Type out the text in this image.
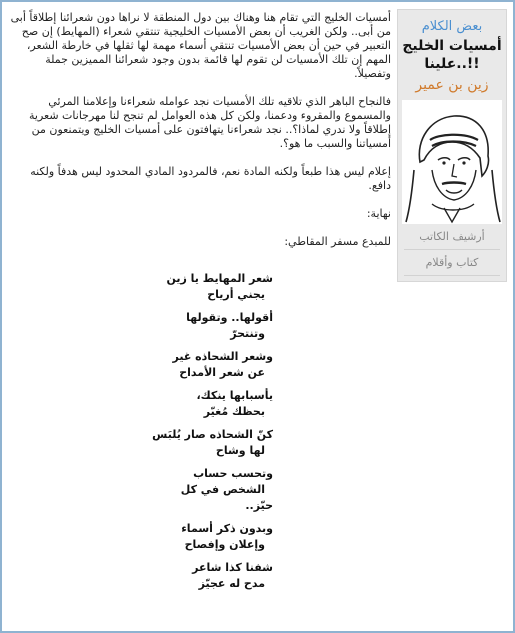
بعض الكلام
أمسيات الخليج
علينا..!!
زين بن عمير
أرشيف الكاتب
كتاب وأقلام

أمسيات الخليج التي تقام هنا وهناك بين دول المنطقة لا نراها دون شعرائنا إطلاقاً أبى من أبى.. ولكن الغريب أن بعض الأمسيات الخليجية تنتقي شعراء (المهايط) إن صح التعبير في حين أن بعض الأمسيات تنتقي أسماء مهمة لها ثقلها في خارطة الشعر، المهم إن تلك الأمسيات لن تقوم لها قائمة بدون وجود شعرائنا المميزين جملة وتفصيلاً.

فالنجاح الباهر الذي تلاقيه تلك الأمسيات نجد عوامله شعراءنا وإعلامنا المرئي والمسموع والمقروء ودعمنا، ولكن كل هذه العوامل لم تنجح لنا مهرجانات شعرية إطلاقاً ولا ندري لماذا؟.. نجد شعراءنا يتهافتون على أمسيات الخليج ويتمنعون من أمسياتنا والسبب ما هو؟.

إعلام ليس هذا طبعاً ولكنه المادة نعم، فالمردود المادي المحدود ليس هدفاً ولكنه دافع.

نهاية:

للمبدع مسفر المقاطي:

شعر المهايط يا زين
يجني أرياح
أقولها.. وتقولها
وتنتحرّ
وشعر الشحاذه غير
عن شعر الأمداح
يأسبابها ينكك،
بحظك مُغيّر
كنّ الشحاذه صار يُلبَس
لها وشاح
وتحسب حساب
الشخص في كل
حيّز..
وبدون ذكر أسماء
وإعلان وإفصاح
شفنا كذا شاعر
مدح له عجيّز
